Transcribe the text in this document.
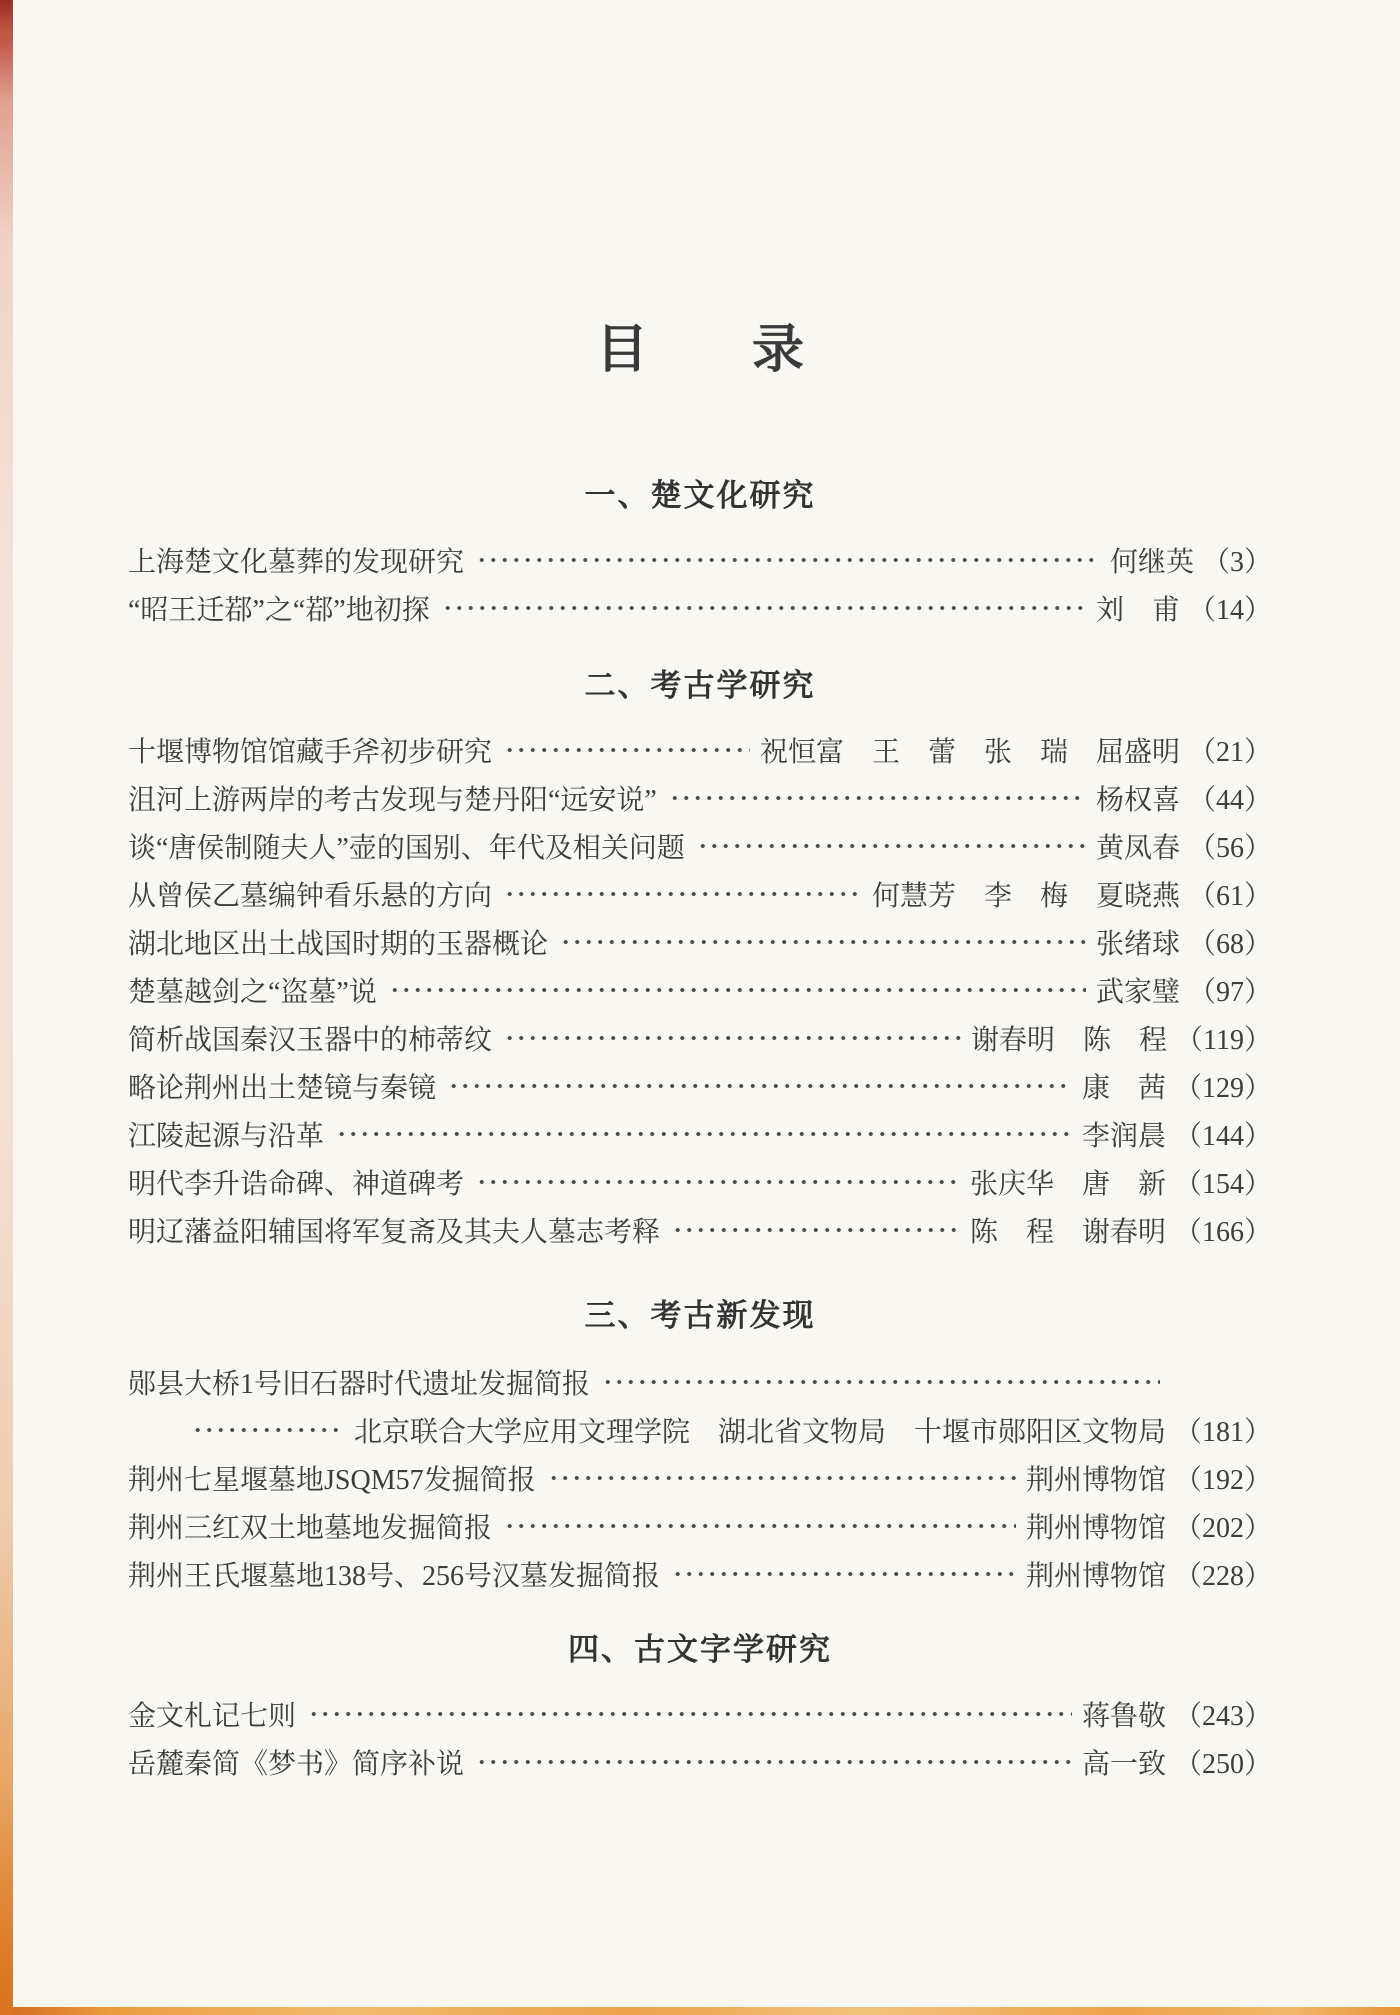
目　　录
一、楚文化研究
上海楚文化墓葬的发现研究	何继英 （3）
“昭王迁鄀”之“鄀”地初探	刘　甫 （14）
二、考古学研究
十堰博物馆馆藏手斧初步研究	祝恒富　王　蕾　张　瑞　屈盛明 （21）
沮河上游两岸的考古发现与楚丹阳“远安说”	杨权喜 （44）
谈“唐侯制随夫人”壶的国别、年代及相关问题	黄凤春 （56）
从曾侯乙墓编钟看乐悬的方向	何慧芳　李　梅　夏晓燕 （61）
湖北地区出土战国时期的玉器概论	张绪球 （68）
楚墓越剑之“盗墓”说	武家璧 （97）
简析战国秦汉玉器中的柿蒂纹	谢春明　陈　程 （119）
略论荆州出土楚镜与秦镜	康　茜 （129）
江陵起源与沿革	李润晨 （144）
明代李升诰命碑、神道碑考	张庆华　唐　新 （154）
明辽藩益阳辅国将军复斋及其夫人墓志考释	陈　程　谢春明 （166）
三、考古新发现
郧县大桥1号旧石器时代遗址发掘简报
北京联合大学应用文理学院　湖北省文物局　十堰市郧阳区文物局 （181）
荆州七星堰墓地JSQM57发掘简报	荆州博物馆 （192）
荆州三红双土地墓地发掘简报	荆州博物馆 （202）
荆州王氏堰墓地138号、256号汉墓发掘简报	荆州博物馆 （228）
四、古文字学研究
金文札记七则	蒋鲁敬 （243）
岳麓秦简《梦书》简序补说	高一致 （250）
